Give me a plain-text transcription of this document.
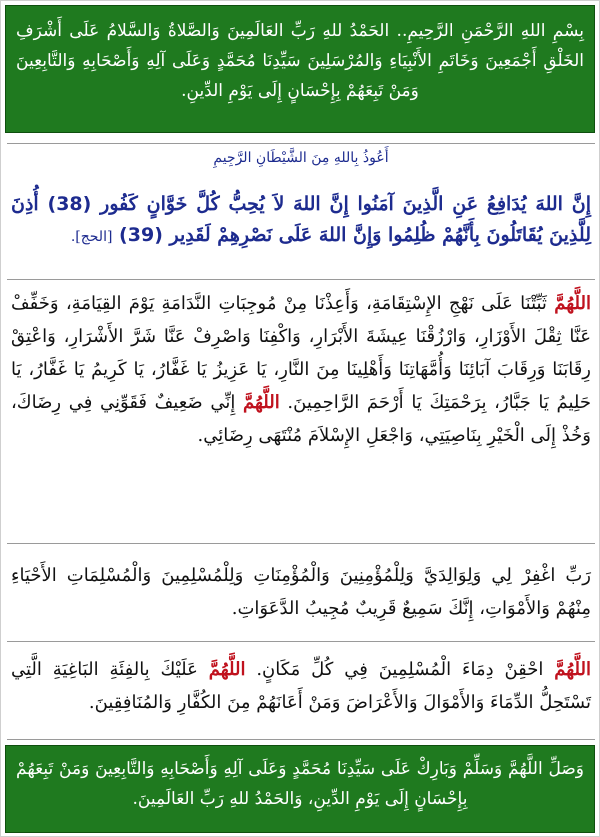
بِسْمِ اللهِ الرَّحْمَنِ الرَّحِيمِ.. الحَمْدُ للهِ رَبِّ العَالَمِينَ وَالصَّلاةُ وَالسَّلامُ عَلَى أَشْرَفِ الخَلْقِ أَجْمَعِينَ وَخَاتَمِ الأَنْبِيَاءِ وَالمُرْسَلِينَ سَيِّدِنَا مُحَمَّدٍ وَعَلَى آلِهِ وَأَصْحَابِهِ وَالتَّابِعِينَ وَمَنْ تَبِعَهُمْ بِإِحْسَانٍ إِلَى يَوْمِ الدِّينِ.
أَعُوذُ بِاللهِ مِنَ الشَّيْطَانِ الرَّجِيمِ
إِنَّ اللهَ يُدَافِعُ عَنِ الَّذِينَ آمَنُوا إِنَّ اللهَ لاَ يُحِبُّ كُلَّ خَوَّانٍ كَفُور (38) أُذِنَ لِلَّذِينَ يُقَاتَلُونَ بِأَنَّهُمْ ظُلِمُوا وَإِنَّ اللهَ عَلَى نَصْرِهِمْ لَقَدِير (39) [الحج].
اللَّهُمَّ ثَبِّتْنَا عَلَى نَهْجِ الإِسْتِقَامَةِ، وَأَعِذْنَا مِنْ مُوجِبَاتِ النَّدَامَةِ يَوْمَ القِيَامَةِ، وَخَفِّفْ عَنَّا ثِقْلَ الأَوْزَارِ، وَارْزُقْنَا عِيشَةَ الأَبْرَارِ، وَاكْفِنَا وَاصْرِفْ عَنَّا شَرَّ الأَشْرَارِ، وَاعْتِقْ رِقَابَنَا وَرِقَابَ آبَائِنَا وَأُمَّهَاتِنَا وَأَهْلِينَا مِنَ النَّارِ، يَا عَزِيزُ يَا غَفَّارُ، يَا كَرِيمُ يَا غَفَّارُ، يَا حَلِيمُ يَا جَبَّارُ، بِرَحْمَتِكَ يَا أَرْحَمَ الرَّاحِمِينَ. اللَّهُمَّ إِنِّي ضَعِيفٌ فَقَوِّنِي فِي رِضَاكَ، وَخُذْ إِلَى الْخَيْرِ بِنَاصِيَتِي، وَاجْعَلِ الإِسْلاَمَ مُنْتَهَى رِضَائِي.
رَبِّ اغْفِرْ لِي وَلِوَالِدَيَّ وَلِلْمُؤْمِنِينَ وَالْمُؤْمِنَاتِ وَلِلْمُسْلِمِينَ وَالْمُسْلِمَاتِ الأَحْيَاءِ مِنْهُمْ وَالأَمْوَاتِ، إِنَّكَ سَمِيعٌ قَرِيبٌ مُجِيبُ الدَّعَوَاتِ.
اللَّهُمَّ احْقِنْ دِمَاءَ الْمُسْلِمِينَ فِي كُلِّ مَكَانٍ. اللَّهُمَّ عَلَيْكَ بِالفِئَةِ البَاغِيَةِ الَّتِي تَسْتَحِلُّ الدِّمَاءَ وَالأَمْوَالَ وَالأَعْرَاضَ وَمَنْ أَعَانَهُمْ مِنَ الكُفَّارِ وَالمُنَافِقِينَ.
وَصَلِّ اللَّهُمَّ وَسَلِّمْ وَبَارِكْ عَلَى سَيِّدِنَا مُحَمَّدٍ وَعَلَى آلِهِ وَأَصْحَابِهِ وَالتَّابِعِينَ وَمَنْ تَبِعَهُمْ بِإِحْسَانٍ إِلَى يَوْمِ الدِّينِ، وَالحَمْدُ للهِ رَبِّ العَالَمِينَ.
